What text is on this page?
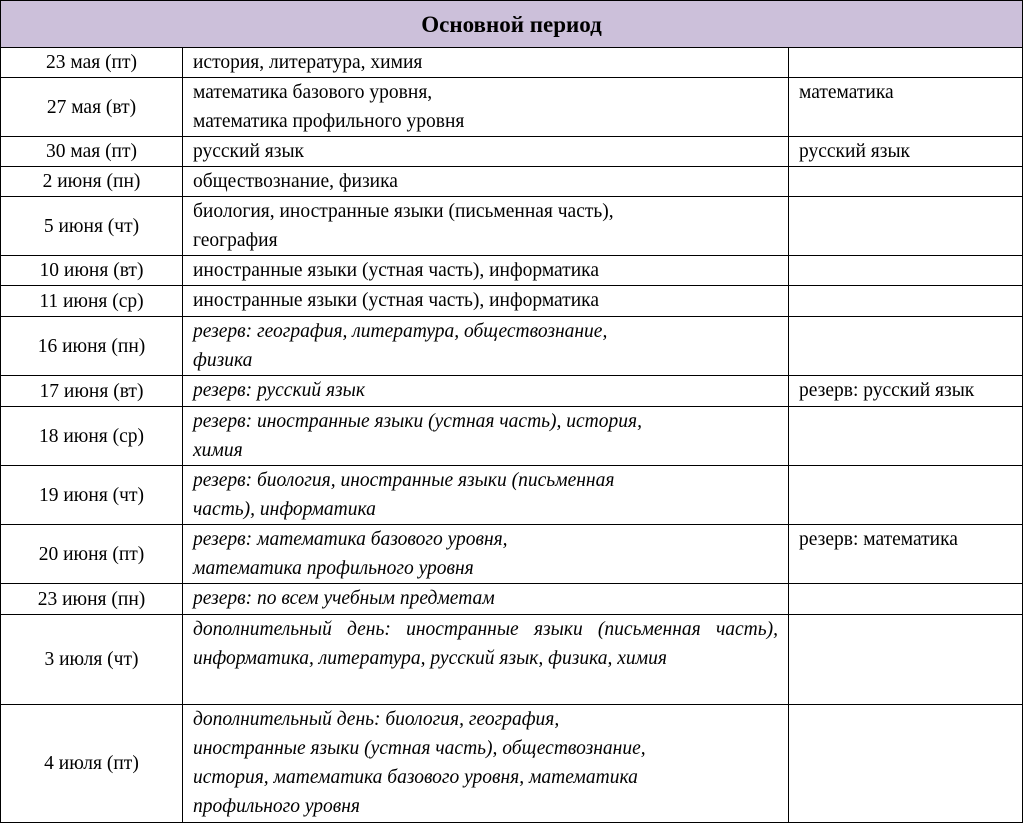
Основной период		
23 мая (пт)	история, литература, химия	

27 мая (вт)	математика базового уровня,
математика профильного уровня	математика
30 мая (пт)	русский язык	русский язык
2 июня (пн)	обществознание, физика	

5 июня (чт)	биология, иностранные языки (письменная часть),
география	

10 июня (вт)	иностранные языки (устная часть), информатика	

11 июня (ср)	иностранные языки (устная часть), информатика	

16 июня (пн)	резерв: география, литература, обществознание,
физика	

17 июня (вт)	резерв: русский язык	резерв: русский язык
18 июня (ср)	резерв: иностранные языки (устная часть), история,
химия	

19 июня (чт)	резерв: биология, иностранные языки (письменная
часть), информатика	

20 июня (пт)	резерв: математика базового уровня,
математика профильного уровня	резерв: математика
23 июня (пн)	резерв: по всем учебным предметам	

3 июля (чт)	дополнительный день: иностранные языки (письменная часть), информатика, литература, русский язык, физика, химия	
4 июля (пт)	дополнительный день: биология, география,
иностранные языки (устная часть), обществознание,
история, математика базового уровня, математика
профильного уровня	
